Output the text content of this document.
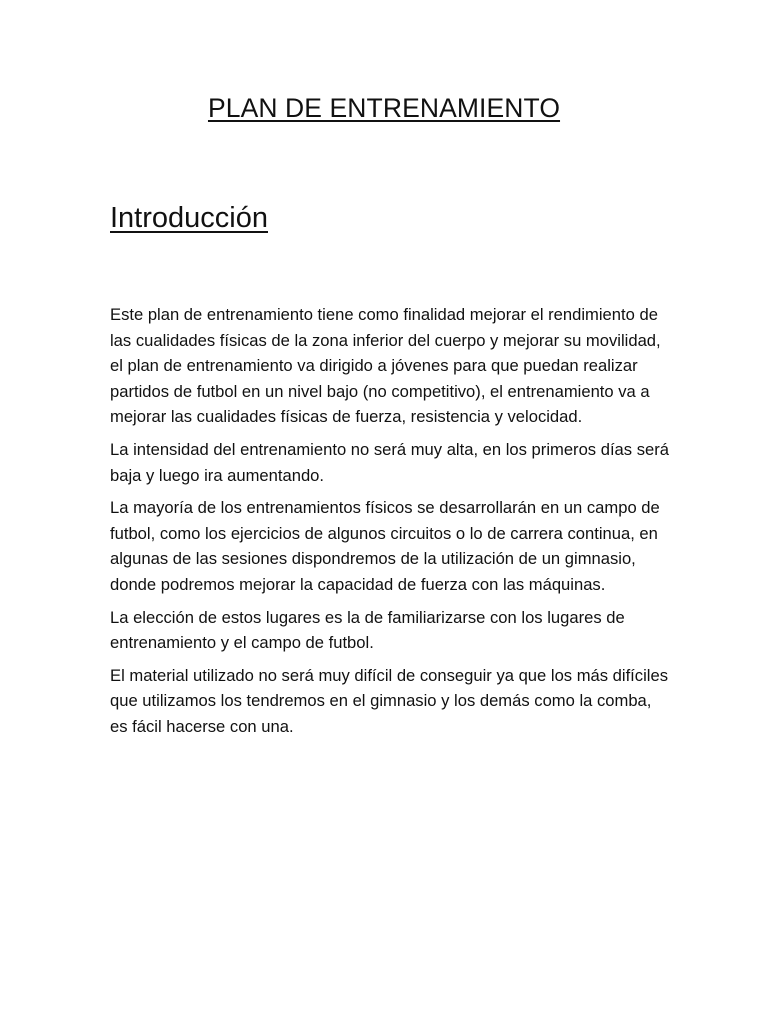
PLAN DE ENTRENAMIENTO
Introducción

Este plan de entrenamiento tiene como finalidad mejorar el rendimiento de las cualidades físicas de la zona inferior del cuerpo y mejorar su movilidad, el plan de entrenamiento va dirigido a jóvenes para que puedan realizar partidos de futbol en un nivel bajo (no competitivo), el entrenamiento va a mejorar las cualidades físicas de fuerza, resistencia y velocidad.

La intensidad del entrenamiento no será muy alta, en los primeros días será baja y luego ira aumentando.

La mayoría de los entrenamientos físicos se desarrollarán en un campo de futbol, como los ejercicios de algunos circuitos o lo de carrera continua, en algunas de las sesiones dispondremos de la utilización de un gimnasio, donde podremos mejorar la capacidad de fuerza con las máquinas.

La elección de estos lugares es la de familiarizarse con los lugares de entrenamiento y el campo de futbol.

El material utilizado no será muy difícil de conseguir ya que los más difíciles que utilizamos los tendremos en el gimnasio y los demás como la comba, es fácil hacerse con una.
